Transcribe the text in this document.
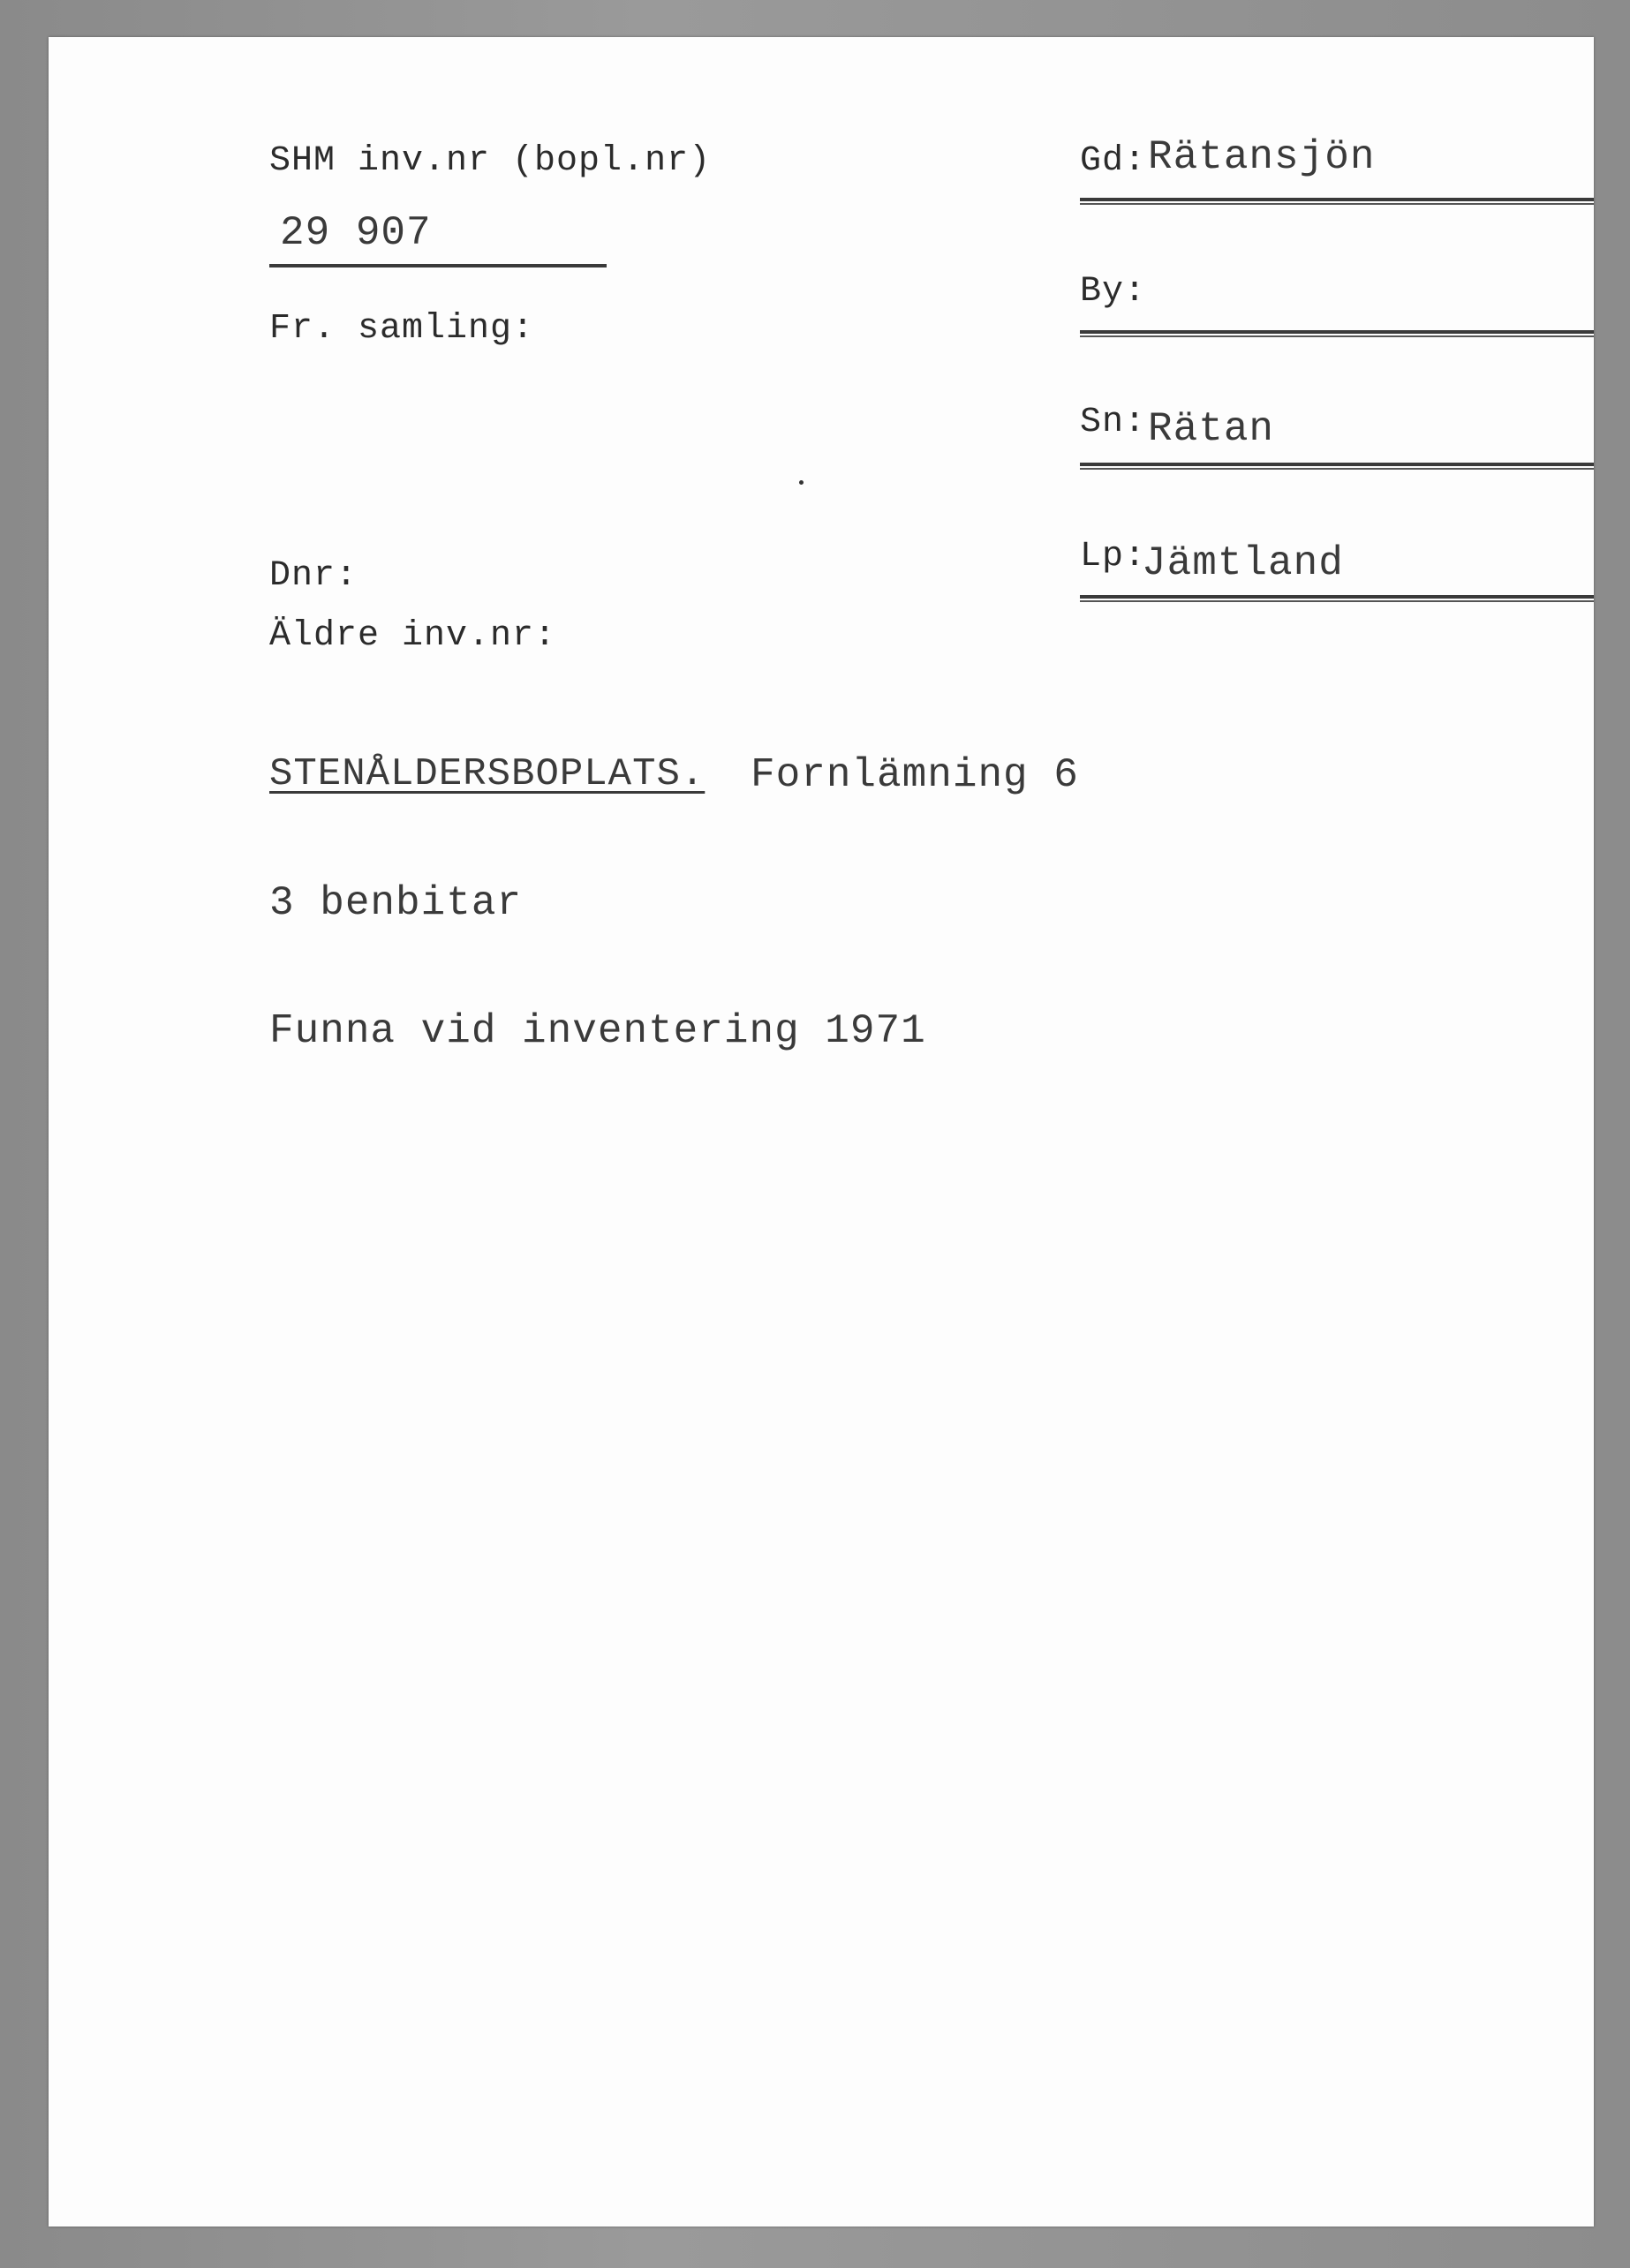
SHM inv.nr (bopl.nr)
29 907
Fr. samling:
Dnr:
Äldre inv.nr:
Gd: Rätansjön
By:
Sn: Rätan
Lp:
Jämtland
STENÅLDERSBOPLATS. Fornlämning 6
3 benbitar
Funna vid inventering 1971
